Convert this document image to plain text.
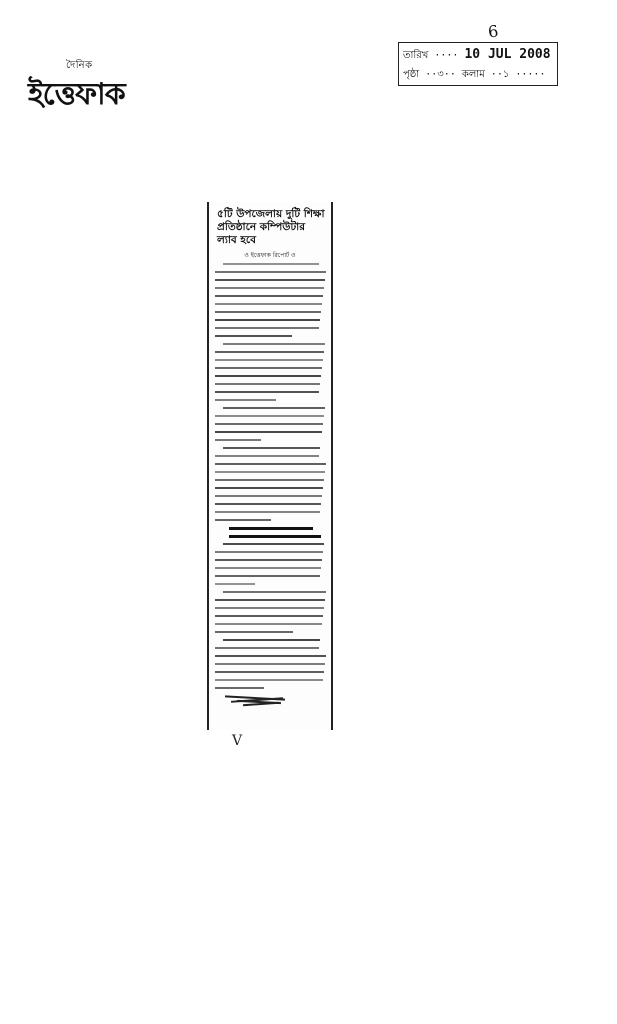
6
দৈনিক
ইত্তেফাক
তারিখ ···· 10 JUL 2008
পৃষ্ঠা ··৩·· কলাম ··১ ·····
৫টি উপজেলায় দুটি শিক্ষা প্রতিষ্ঠানে কম্পিউটার ল্যাব হবে
ও ইত্তেফাক রিপোর্ট ও
V
